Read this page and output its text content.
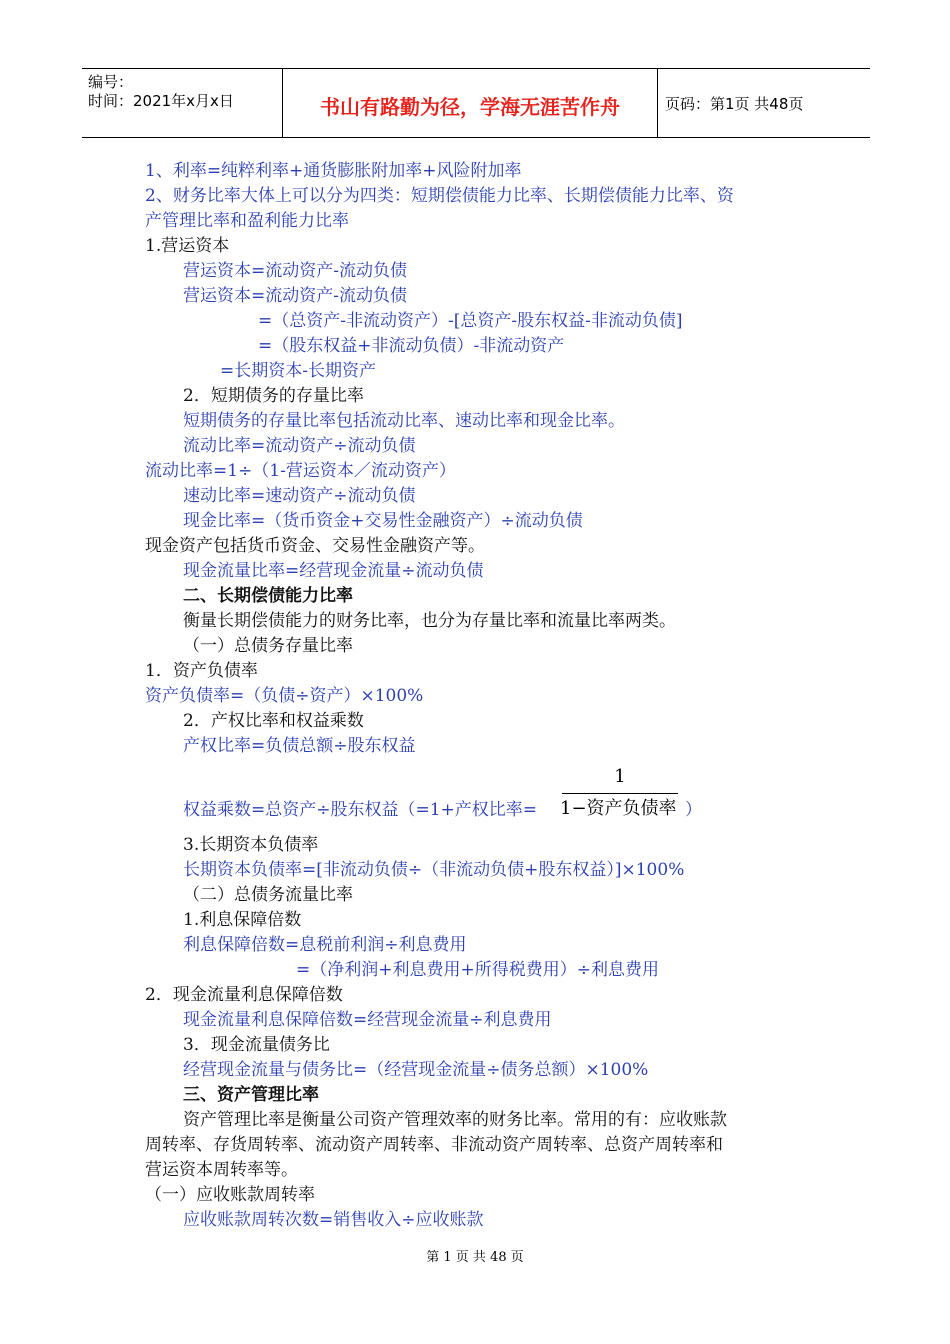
编号：
时间：2021年x月x日	书山有路勤为径，学海无涯苦作舟	页码：第1页 共48页
1、利率=纯粹利率+通货膨胀附加率+风险附加率
2、财务比率大体上可以分为四类：短期偿债能力比率、长期偿债能力比率、资
产管理比率和盈利能力比率
1.营运资本
营运资本=流动资产-流动负债
营运资本=流动资产-流动负债
=（总资产-非流动资产）-[总资产-股东权益-非流动负债]
=（股东权益+非流动负债）-非流动资产
=长期资本-长期资产
2．短期债务的存量比率
短期债务的存量比率包括流动比率、速动比率和现金比率。
流动比率=流动资产÷流动负债
流动比率=1÷（1-营运资本／流动资产）
速动比率=速动资产÷流动负债
现金比率=（货币资金+交易性金融资产）÷流动负债
现金资产包括货币资金、交易性金融资产等。
现金流量比率=经营现金流量÷流动负债
二、长期偿债能力比率
衡量长期偿债能力的财务比率，也分为存量比率和流量比率两类。
（一）总债务存量比率
1．资产负债率
资产负债率=（负债÷资产）×100%
2．产权比率和权益乘数
产权比率=负债总额÷股东权益
权益乘数=总资产÷股东权益（=1+产权比率=
1
1−资产负债率 ）
3.长期资本负债率
长期资本负债率=[非流动负债÷（非流动负债+股东权益）]×100%
（二）总债务流量比率
1.利息保障倍数
利息保障倍数=息税前利润÷利息费用
=（净利润+利息费用+所得税费用）÷利息费用
2．现金流量利息保障倍数
现金流量利息保障倍数=经营现金流量÷利息费用
3．现金流量债务比
经营现金流量与债务比=（经营现金流量÷债务总额）×100%
三、资产管理比率
资产管理比率是衡量公司资产管理效率的财务比率。常用的有：应收账款
周转率、存货周转率、流动资产周转率、非流动资产周转率、总资产周转率和
营运资本周转率等。
（一）应收账款周转率
应收账款周转次数=销售收入÷应收账款
第 1 页 共 48 页
